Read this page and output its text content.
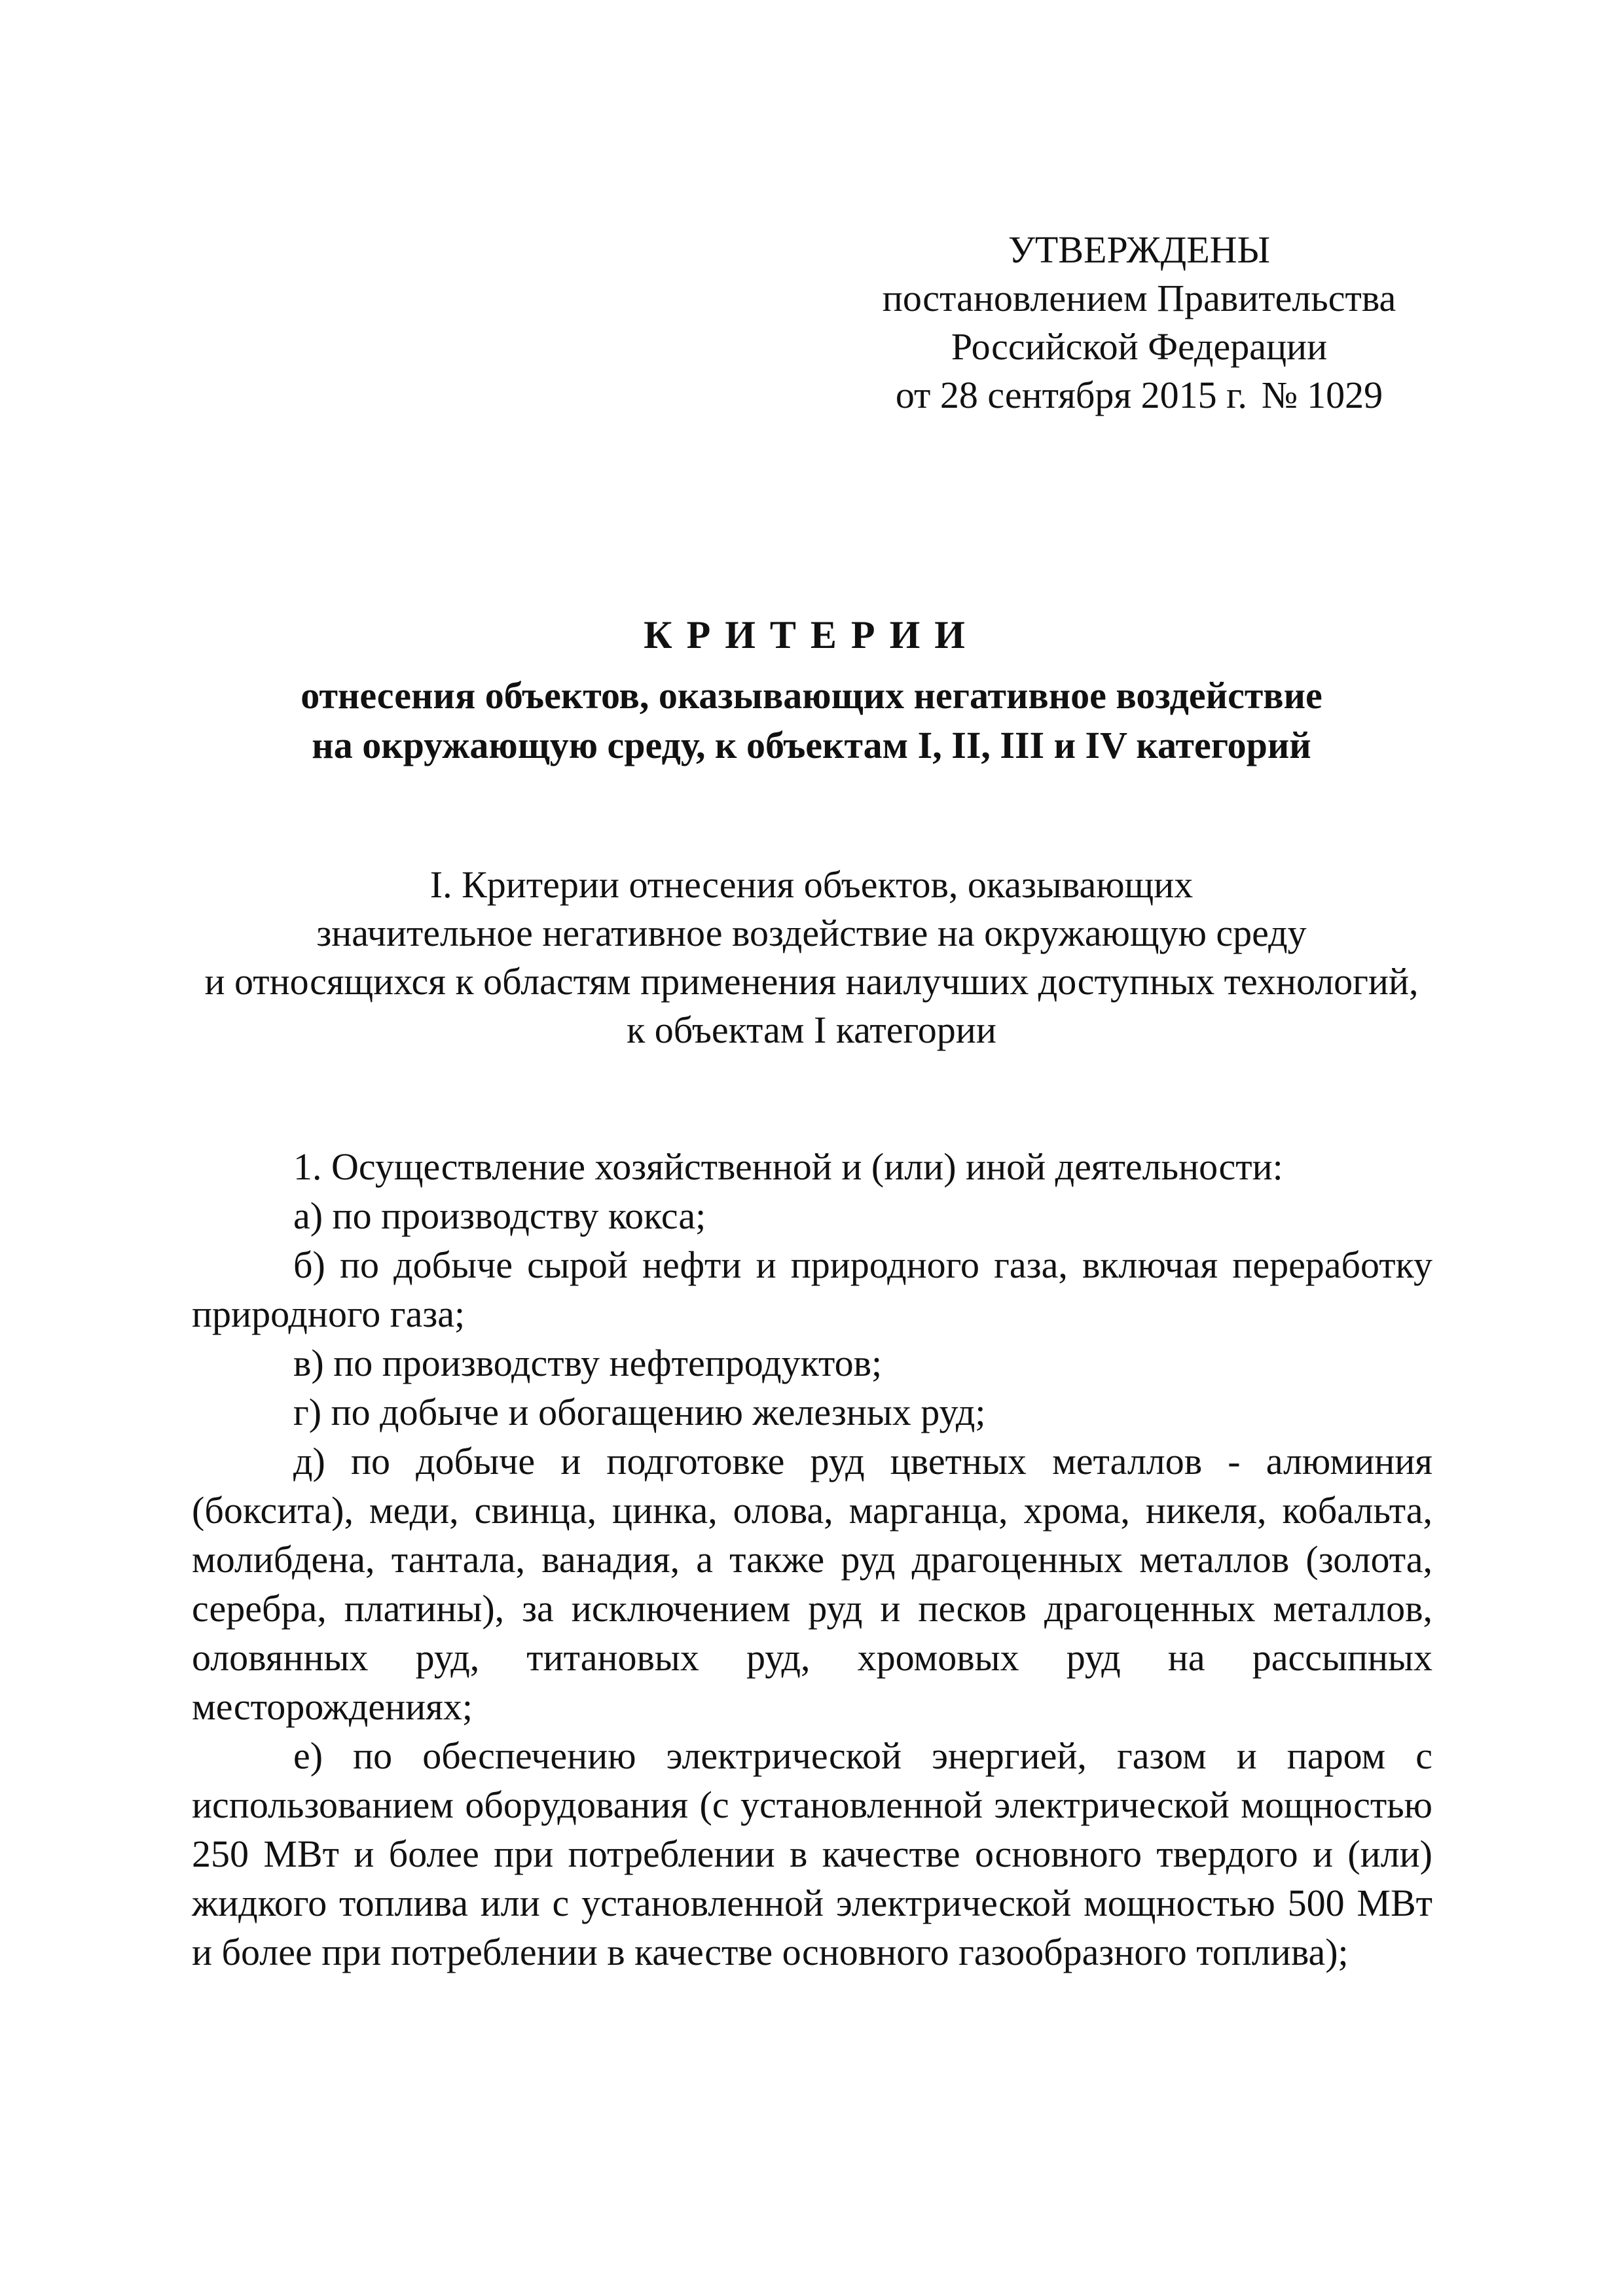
УТВЕРЖДЕНЫ
постановлением Правительства
Российской Федерации
от 28 сентября 2015 г. № 1029
КРИТЕРИИ
отнесения объектов, оказывающих негативное воздействие
на окружающую среду, к объектам I, II, III и IV категорий
I. Критерии отнесения объектов, оказывающих
значительное негативное воздействие на окружающую среду
и относящихся к областям применения наилучших доступных технологий,
к объектам I категории

1. Осуществление хозяйственной и (или) иной деятельности:

а) по производству кокса;

б) по добыче сырой нефти и природного газа, включая переработку природного газа;

в) по производству нефтепродуктов;

г) по добыче и обогащению железных руд;

д) по добыче и подготовке руд цветных металлов - алюминия (боксита), меди, свинца, цинка, олова, марганца, хрома, никеля, кобальта, молибдена, тантала, ванадия, а также руд драгоценных металлов (золота, серебра, платины), за исключением руд и песков драгоценных металлов, оловянных руд, титановых руд, хромовых руд на рассыпных месторождениях;

е) по обеспечению электрической энергией, газом и паром с использованием оборудования (с установленной электрической мощностью 250 МВт и более при потреблении в качестве основного твердого и (или) жидкого топлива или с установленной электрической мощностью 500 МВт и более при потреблении в качестве основного газообразного топлива);
